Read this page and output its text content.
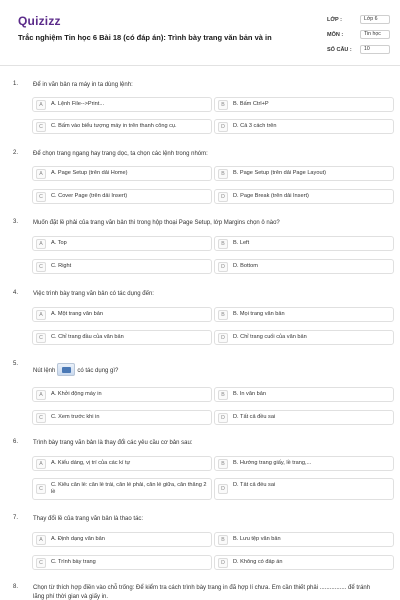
Quizizz
Trắc nghiệm Tin học 6 Bài 18 (có đáp án): Trình bày trang văn bản và in
LỚP :	Lớp 6
MÔN :	Tin học
SỐ CÂU :	10
1. Để in văn bản ra máy in ta dùng lệnh:
A	A. Lệnh File-->Print...	B	B. Bấm Ctrl+P
C	C. Bấm vào biểu tượng máy in trên thanh công cụ.	D	D. Cả 3 cách trên
2. Để chọn trang ngang hay trang dọc, ta chọn các lệnh trong nhóm:
A	A. Page Setup (trên dải Home)	B	B. Page Setup (trên dải Page Layout)
C	C. Cover Page (trên dải Insert)	D	D. Page Break (trên dải Insert)
3. Muốn đặt lề phải của trang văn bản thì trong hộp thoại Page Setup, lớp Margins chọn ô nào?
A	A. Top	B	B. Left
C	C. Right	D	D. Bottom
4. Việc trình bày trang văn bản có tác dụng đến:
A	A. Một trang văn bản	B	B. Mọi trang văn bản
C	C. Chỉ trang đầu của văn bản	D	D. Chỉ trang cuối của văn bản
5.
Nút lệnh	có tác dụng gì?
A	A. Khởi động máy in	B	B. In văn bản
C	C. Xem trước khi in	D	D. Tất cả đều sai
6. Trình bày trang văn bản là thay đổi các yêu cầu cơ bản sau:
A	A. Kiểu dáng, vị trí của các kí tự	B	B. Hướng trang giấy, lề trang,...
C
C. Kiểu căn lề: căn lề trái, căn lề phải, căn lề giữa, căn thẳng 2 lề	D
D. Tất cả đều sai
7. Thay đổi lề của trang văn bản là thao tác:
A	A. Định dạng văn bản	B	B. Lưu tệp văn bản
C	C. Trình bày trang	D	D. Không có đáp án
8. Chọn từ thích hợp điền vào chỗ trống: Để kiểm tra cách trình bày trang in đã hợp lí chưa. Em cần thiết phải ................ để tránh lãng phí thời gian và giấy in.
